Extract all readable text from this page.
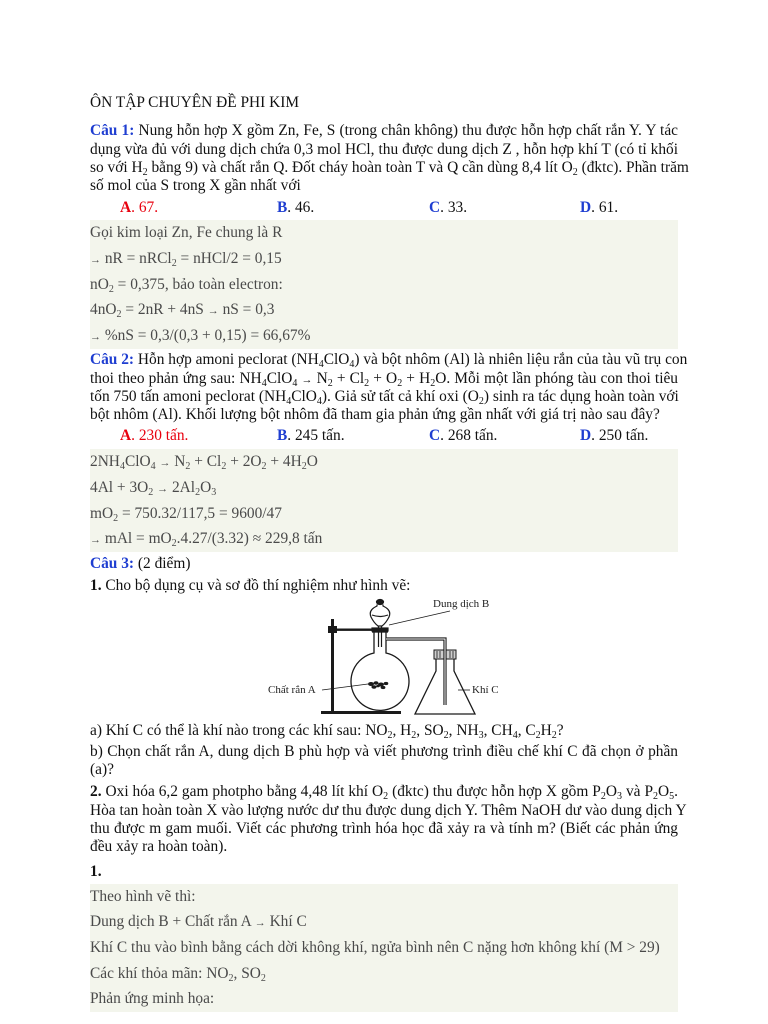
ÔN TẬP CHUYÊN ĐỀ PHI KIM
Câu 1: Nung hỗn hợp X gồm Zn, Fe, S (trong chân không) thu được hỗn hợp chất rắn Y. Y tác
dụng vừa đủ với dung dịch chứa 0,3 mol HCl, thu được dung dịch Z , hỗn hợp khí T (có tỉ khối
so với $H_2$ bằng 9) và chất rắn Q. Đốt cháy hoàn toàn T và Q cần dùng 8,4 lít $O_2$ (đktc). Phần trăm
số mol của S trong X gần nhất với
A. 67.	B. 46.	C. 33.	D. 61.
Gọi kim loại Zn, Fe chung là R
→ nR = nRCl$_2$ = nHCl/2 = 0,15
$nO_2 = 0,375$, bảo toàn electron:
$4nO_2 = 2nR + 4nS$ → nS = 0,3
→ %nS = 0,3/(0,3 + 0,15) = 66,67%
Câu 2: Hỗn hợp amoni peclorat $(NH_4ClO_4)$ và bột nhôm (Al) là nhiên liệu rắn của tàu vũ trụ con
thoi theo phản ứng sau: $NH_4ClO_4 \to N_2 + Cl_2 + O_2 + H_2O$. Mỗi một lần phóng tàu con thoi tiêu
tốn 750 tấn amoni peclorat $(NH_4ClO_4)$. Giả sử tất cả khí oxi $(O_2)$ sinh ra tác dụng hoàn toàn với
bột nhôm (Al). Khối lượng bột nhôm đã tham gia phản ứng gần nhất với giá trị nào sau đây?
A. 230 tấn.	B. 245 tấn.	C. 268 tấn.	D. 250 tấn.
$2NH_4ClO_4 \to N_2 + Cl_2 + 2O_2 + 4H_2O$
$4Al + 3O_2 \to 2Al_2O_3$
$mO_2 = 750.32/117,5 = 9600/47$
→ mAl = $mO_2.4.27/(3.32) \approx 229,8$ tấn
Câu 3: (2 điểm)
1. Cho bộ dụng cụ và sơ đồ thí nghiệm như hình vẽ:
Dung dịch B
Chất rắn A	Khí C
a) Khí C có thể là khí nào trong các khí sau: $NO_2$, $H_2$, $SO_2$, $NH_3$, $CH_4$, $C_2H_2$?
b) Chọn chất rắn A, dung dịch B phù hợp và viết phương trình điều chế khí C đã chọn ở phần
(a)?
2. Oxi hóa 6,2 gam photpho bằng 4,48 lít khí $O_2$ (đktc) thu được hỗn hợp X gồm $P_2O_3$ và $P_2O_5$.
Hòa tan hoàn toàn X vào lượng nước dư thu được dung dịch Y. Thêm NaOH dư vào dung dịch Y
thu được m gam muối. Viết các phương trình hóa học đã xảy ra và tính m? (Biết các phản ứng
đều xảy ra hoàn toàn).
1.
Theo hình vẽ thì:
Dung dịch B + Chất rắn A → Khí C
Khí C thu vào bình bằng cách dời không khí, ngửa bình nên C nặng hơn không khí (M > 29)
Các khí thỏa mãn: $NO_2$, $SO_2$
Phản ứng minh họa:
